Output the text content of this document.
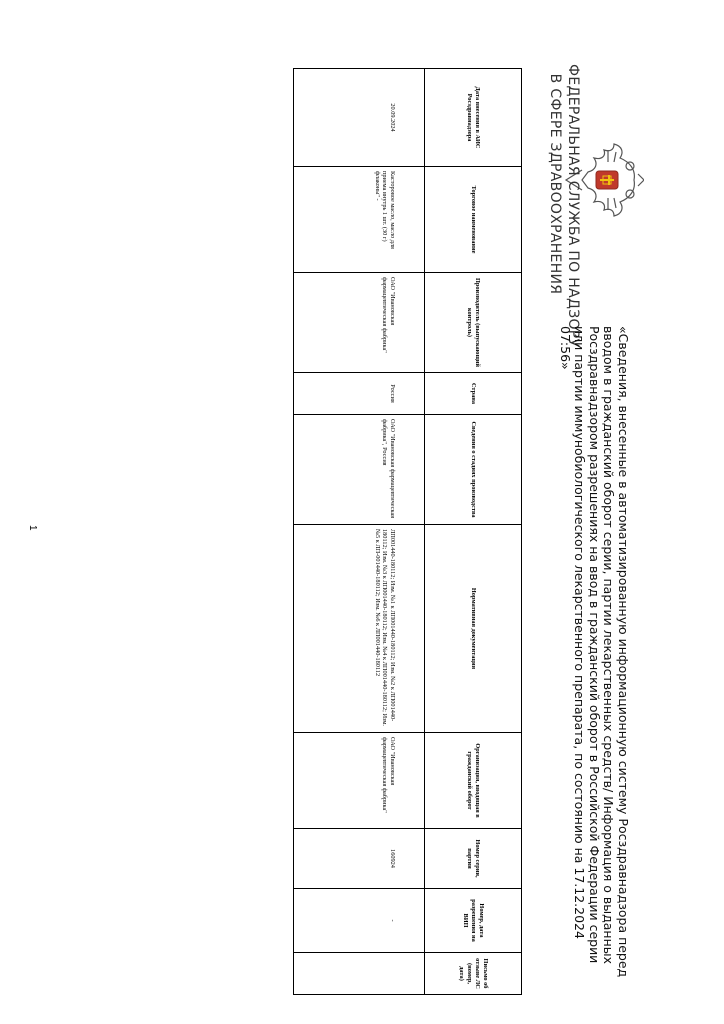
ФЕДЕРАЛЬНАЯ СЛУЖБА ПО НАДЗОРУ
В СФЕРЕ ЗДРАВООХРАНЕНИЯ
«Сведения, внесенные в автоматизированную информационную систему Росздравнадзора перед вводом в гражданский оборот серии, партии лекарственных средств/ Информация о выданных Росздравнадзором разрешениях на ввод в гражданский оборот в Российской Федерации серии или партии иммунобиологического лекарственного препарата, по состоянию на 17.12.2024 07:56»
Дата внесения в АИС Росздравнадзора	Торговое наименование	Производитель (выпускающий контроль)	Страна	Сведения о стадиях производства	Нормативная документация	Организация, вводящая в гражданский оборот	Номер серии, партии	Номер, дата разрешения на ВИП	Письмо об отзыве ЛС (номер, дата)
20.09.2024	Касторовое масло, масло для приема внутрь 1 шт. (30 г) флаконы" -	ОАО "Ивановская фармацевтическая фабрика"	Россия	ОАО "Ивановская фармацевтическая фабрика", Россия	ЛП001440-180112; Изм. №1 к ЛП001440-180112; Изм. №2 к ЛП001440-180112; Изм. №3 к ЛП001440-180112; Изм. №4 к ЛП001440-180112; Изм. №5 к ЛП-001440-180112; Изм. №6 к ЛП001440-180112	ОАО "Ивановская фармацевтическая фабрика"	160924	-	
1
